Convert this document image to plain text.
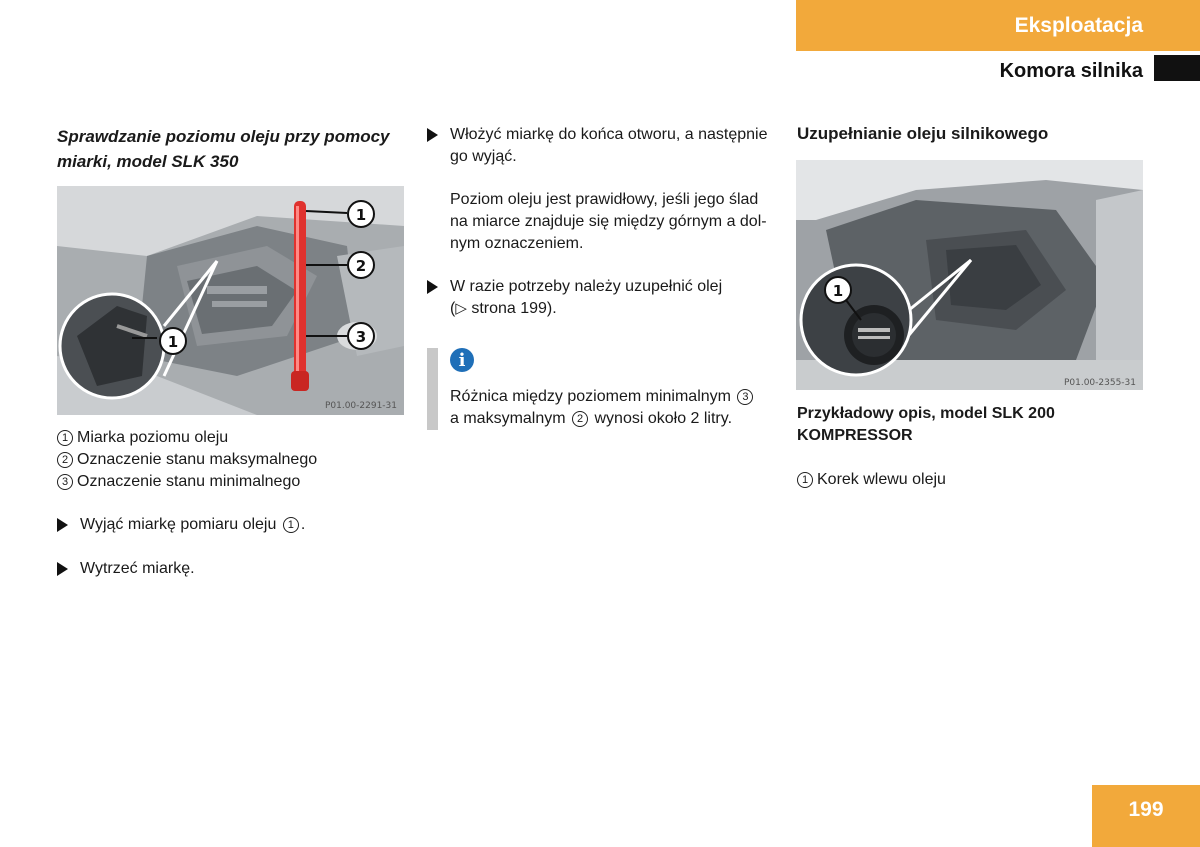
Eksploatacja
Komora silnika
Sprawdzanie poziomu oleju przy pomocy miarki, model SLK 350
1
1
2
3
P01.00-2291-31
1 Miarka poziomu oleju
2 Oznaczenie stanu maksymalnego
3 Oznaczenie stanu minimalnego
Wyjąć miarkę pomiaru oleju 1 .
Wytrzeć miarkę.
Włożyć miarkę do końca otworu, a następnie
go wyjąć.
Poziom oleju jest prawidłowy, jeśli jego ślad
na miarce znajduje się między górnym a dol-
nym oznaczeniem.
W razie potrzeby należy uzupełnić olej
(▷ strona 199).
i
Różnica między poziomem minimalnym 3
a maksymalnym 2 wynosi około 2 litry.
Uzupełnianie oleju silnikowego
1
P01.00-2355-31
Przykładowy opis, model SLK 200
KOMPRESSOR
1 Korek wlewu oleju
199
